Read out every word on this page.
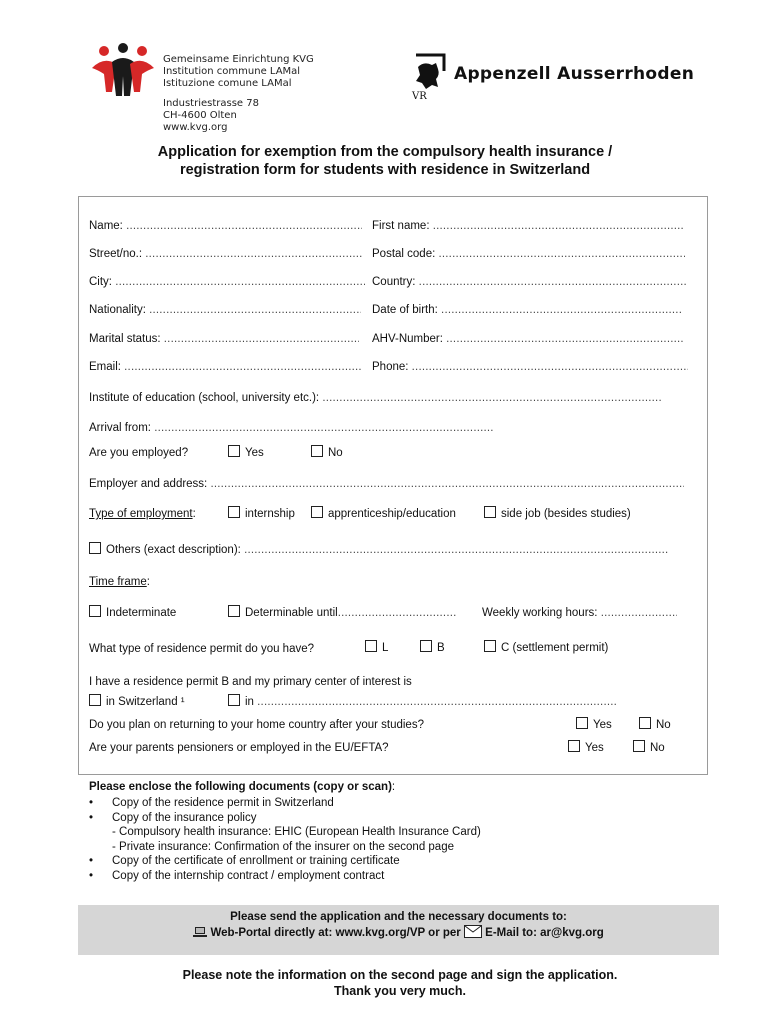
Gemeinsame Einrichtung KVG
Institution commune LAMal
Istituzione comune LAMal
Industriestrasse 78
CH-4600 Olten
www.kvg.org
VR
Appenzell Ausserrhoden
Application for exemption from the compulsory health insurance /
registration form for students with residence in Switzerland
Name: .....	First name: .....
Street/no.: .....	Postal code: .....
City: .....	Country: .....
Nationality: .....	Date of birth: .....
Marital status: .....	AHV-Number: .....
Email: .....	Phone: .....
Institute of education (school, university etc.): .....
Arrival from: .....
Are you employed?	Yes	No
Employer and address: .....
Type of employment:	internship	apprenticeship/education	side job (besides studies)
Others (exact description): .....
Time frame:
Indeterminate	Determinable until .....	Weekly working hours: .....
What type of residence permit do you have?	L	B	C (settlement permit)
I have a residence permit B and my primary center of interest is
in Switzerland ¹	in .....
Do you plan on returning to your home country after your studies?	Yes	No
Are your parents pensioners or employed in the EU/EFTA?	Yes	No
Please enclose the following documents (copy or scan):
• Copy of the residence permit in Switzerland
• Copy of the insurance policy
- Compulsory health insurance: EHIC (European Health Insurance Card)
- Private insurance: Confirmation of the insurer on the second page
• Copy of the certificate of enrollment or training certificate
• Copy of the internship contract / employment contract
Please send the application and the necessary documents to:
Web-Portal directly at: www.kvg.org/VP or per E-Mail to: ar@kvg.org
Please note the information on the second page and sign the application.
Thank you very much.
